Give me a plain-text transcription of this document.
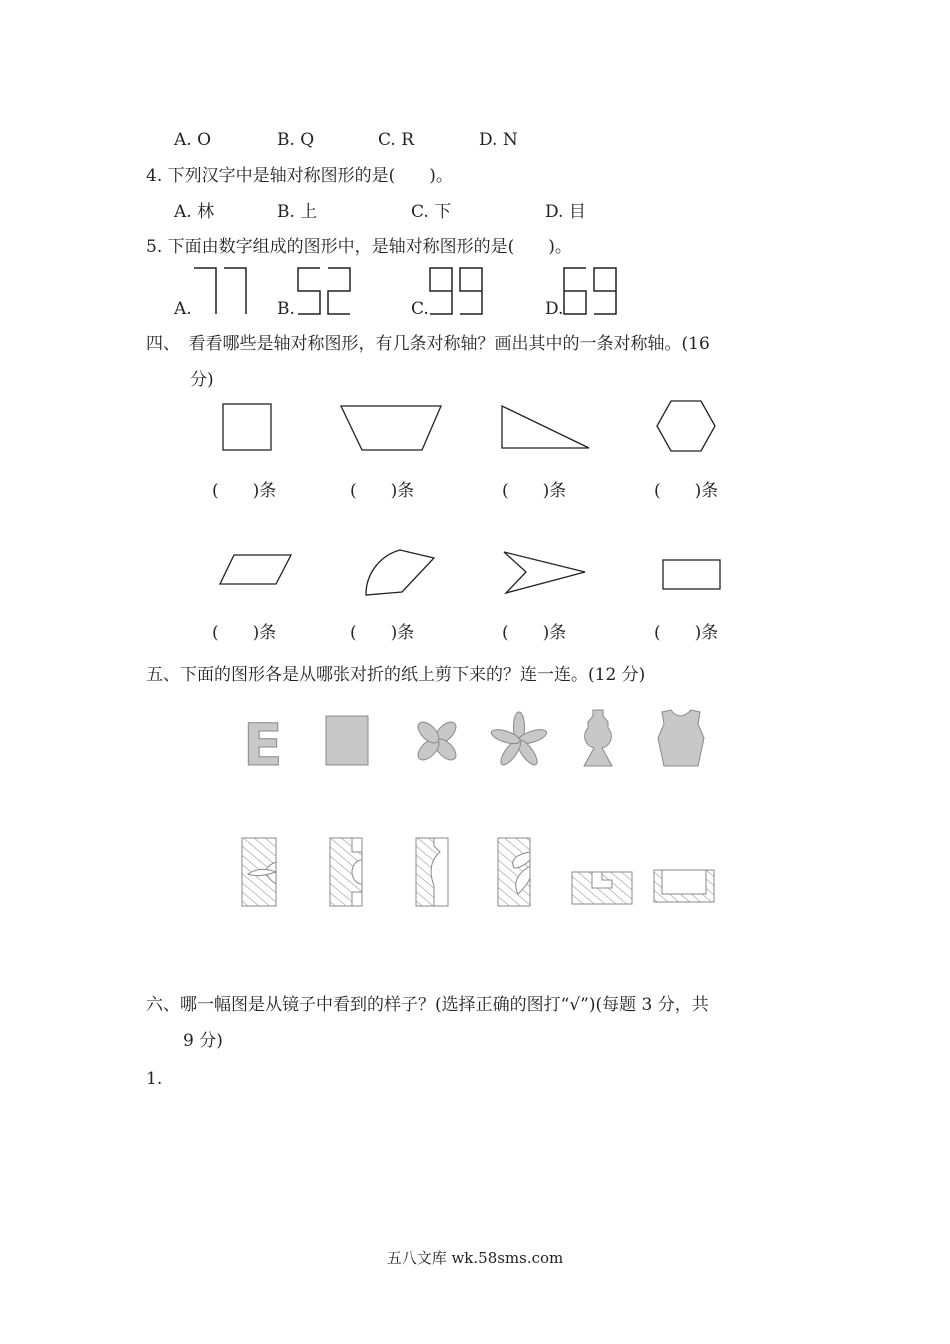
A. O	B. Q	C. R	D. N
4. 下列汉字中是轴对称图形的是(　　)。
A. 林	B. 上	C. 下	D. 目
5. 下面由数字组成的图形中，是轴对称图形的是(　　)。
A.	B.	C.	D.
四、　看看哪些是轴对称图形，有几条对称轴？画出其中的一条对称轴。(16
分)
(　　)条	(　　)条	(　　)条	(　　)条
(　　)条	(　　)条	(　　)条	(　　)条
五、下面的图形各是从哪张对折的纸上剪下来的？连一连。(12 分)
E
六、哪一幅图是从镜子中看到的样子？(选择正确的图打“√”)(每题 3 分，共
9 分)
1.
五八文库 wk.58sms.com
